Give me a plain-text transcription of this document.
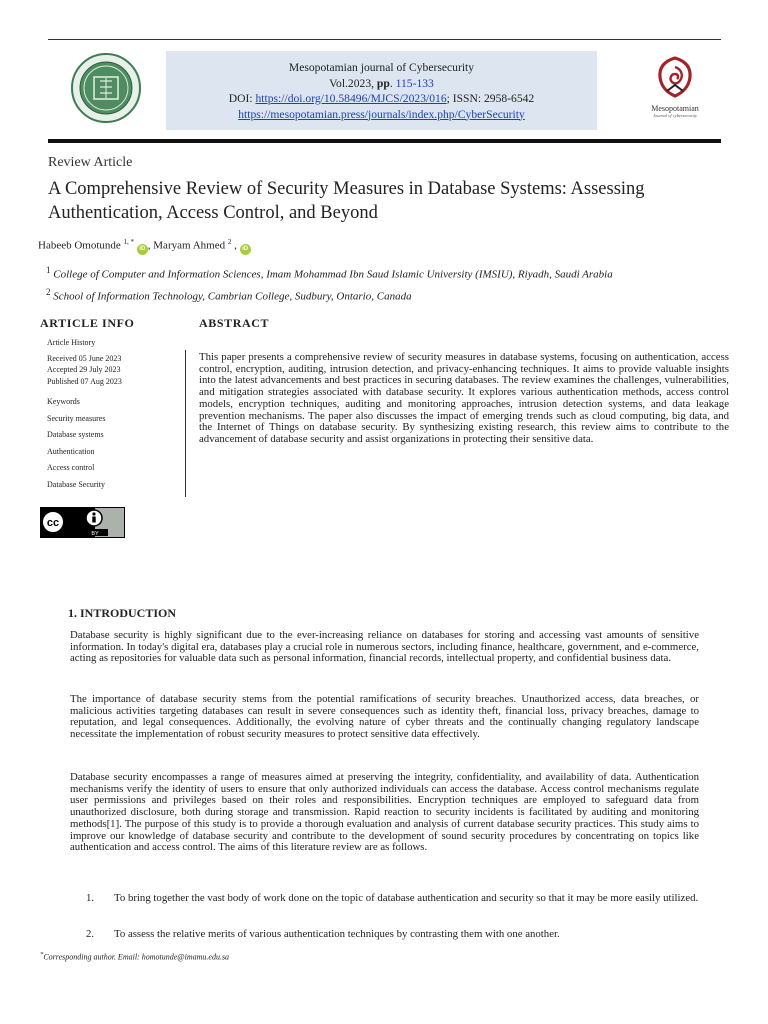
Mesopotamian journal of Cybersecurity
Vol.2023, pp. 115-133
DOI: https://doi.org/10.58496/MJCS/2023/016; ISSN: 2958-6542
https://mesopotamian.press/journals/index.php/CyberSecurity	Mesopotamian
Journal of cybersecurity
Review Article
A Comprehensive Review of Security Measures in Database Systems: Assessing Authentication, Access Control, and Beyond
Habeeb Omotunde $^{1, *}$ iD , Maryam Ahmed $^2$ , iD
$^1$ College of Computer and Information Sciences, Imam Mohammad Ibn Saud Islamic University (IMSIU), Riyadh, Saudi Arabia
$^2$ School of Information Technology, Cambrian College, Sudbury, Ontario, Canada
ARTICLE INFO	ABSTRACT
Article History
Received 05 June 2023
Accepted 29 July 2023
Published 07 Aug 2023
Keywords
Security measures
Database systems
Authentication
Access control
Database Security
This paper presents a comprehensive review of security measures in database systems, focusing on authentication, access control, encryption, auditing, intrusion detection, and privacy-enhancing techniques. It aims to provide valuable insights into the latest advancements and best practices in securing databases. The review examines the challenges, vulnerabilities, and mitigation strategies associated with database security. It explores various authentication methods, access control models, encryption techniques, auditing and monitoring approaches, intrusion detection systems, and data leakage prevention mechanisms. The paper also discusses the impact of emerging trends such as cloud computing, big data, and the Internet of Things on database security. By synthesizing existing research, this review aims to contribute to the advancement of database security and assist organizations in protecting their sensitive data.
cc
BY
1. INTRODUCTION
Database security is highly significant due to the ever-increasing reliance on databases for storing and accessing vast amounts of sensitive information. In today's digital era, databases play a crucial role in numerous sectors, including finance, healthcare, government, and e-commerce, acting as repositories for valuable data such as personal information, financial records, intellectual property, and confidential business data.
The importance of database security stems from the potential ramifications of security breaches. Unauthorized access, data breaches, or malicious activities targeting databases can result in severe consequences such as identity theft, financial loss, privacy breaches, damage to reputation, and legal consequences. Additionally, the evolving nature of cyber threats and the continually changing regulatory landscape necessitate the implementation of robust security measures to protect sensitive data effectively.
Database security encompasses a range of measures aimed at preserving the integrity, confidentiality, and availability of data. Authentication mechanisms verify the identity of users to ensure that only authorized individuals can access the database. Access control mechanisms regulate user permissions and privileges based on their roles and responsibilities. Encryption techniques are employed to safeguard data from unauthorized disclosure, both during storage and transmission. Rapid reaction to security incidents is facilitated by auditing and monitoring methods[1]. The purpose of this study is to provide a thorough evaluation and analysis of current database security practices. This study aims to improve our knowledge of database security and contribute to the development of sound security procedures by concentrating on topics like authentication and access control. The aims of this literature review are as follows.
1. To bring together the vast body of work done on the topic of database authentication and security so that it may be more easily utilized.
2. To assess the relative merits of various authentication techniques by contrasting them with one another.
*Corresponding author. Email: homotunde@imamu.edu.sa
